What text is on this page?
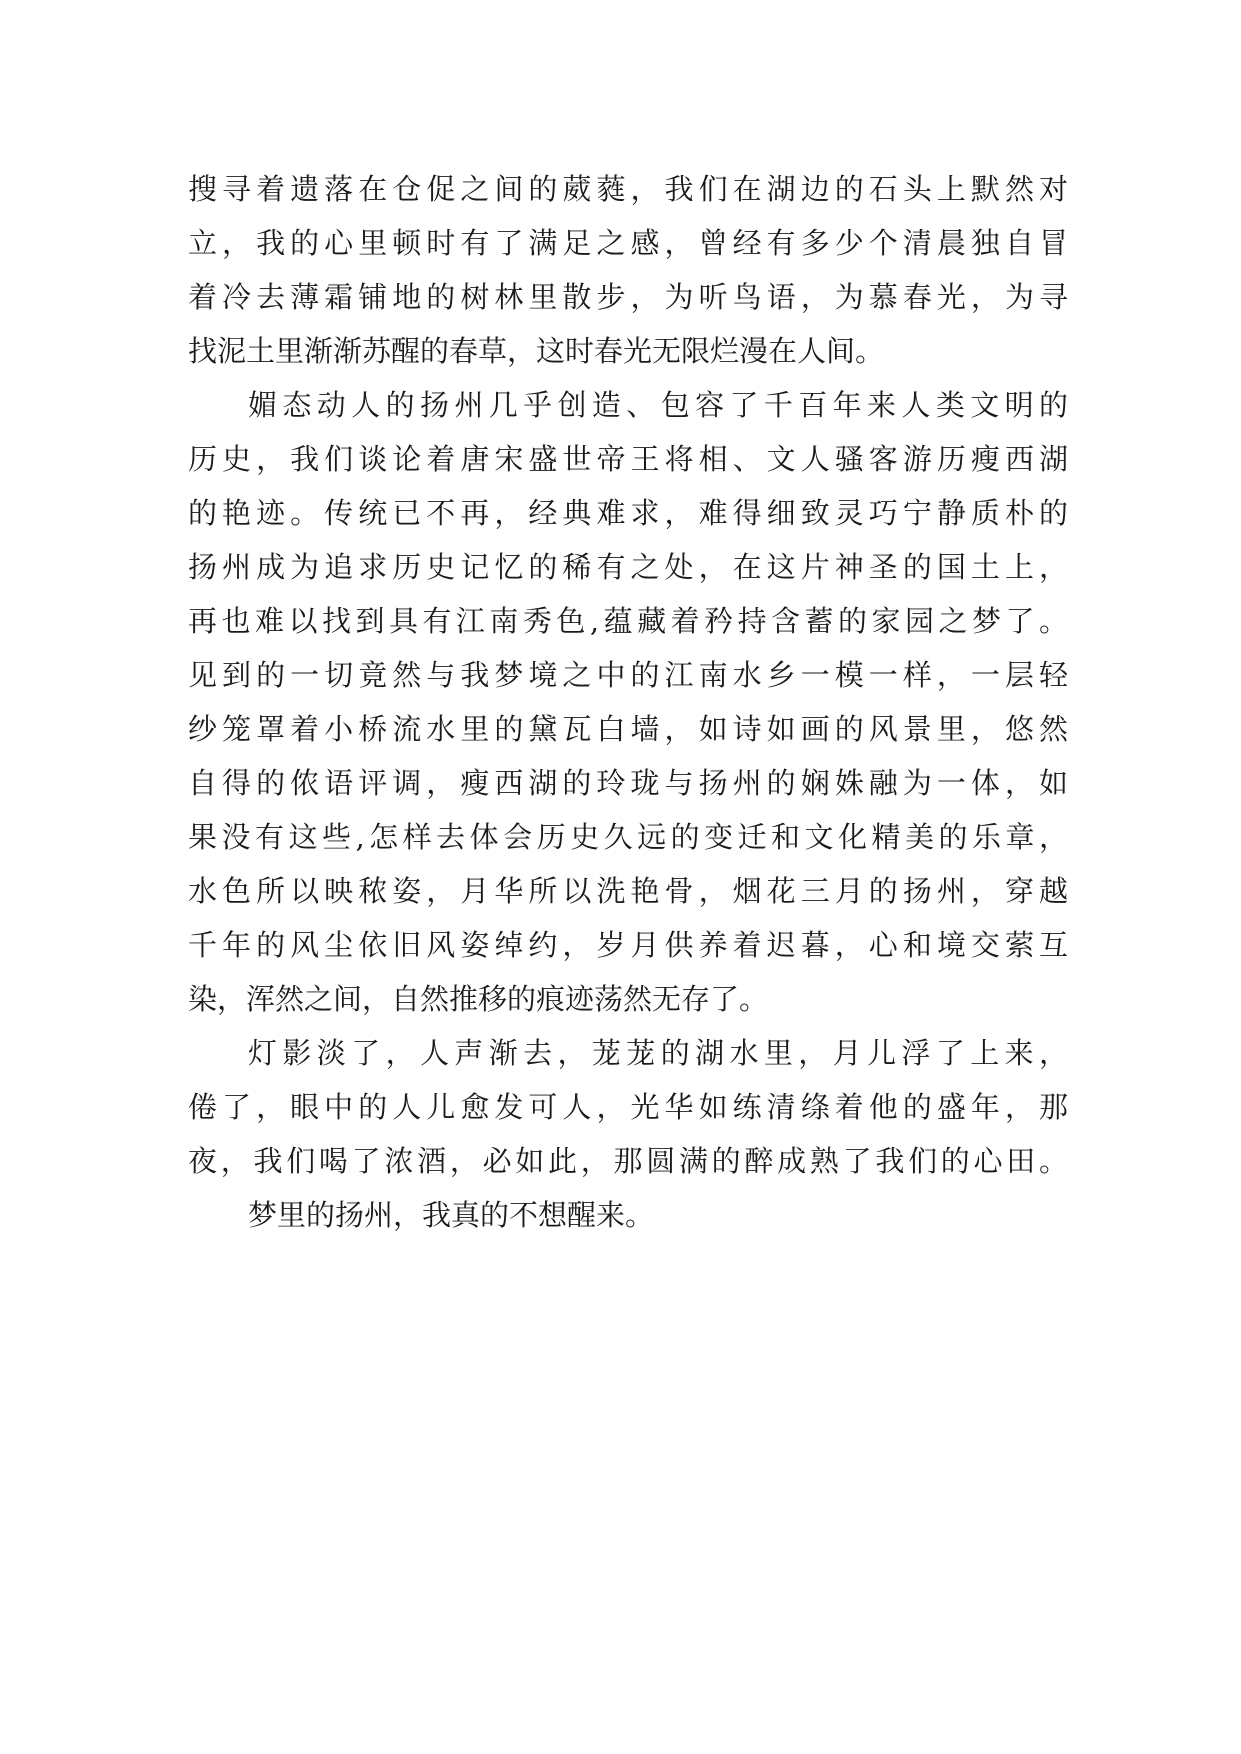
搜寻着遗落在仓促之间的葳蕤，我们在湖边的石头上默然对
立，我的心里顿时有了满足之感，曾经有多少个清晨独自冒
着冷去薄霜铺地的树林里散步，为听鸟语，为慕春光，为寻
找泥土里渐渐苏醒的春草，这时春光无限烂漫在人间。
媚态动人的扬州几乎创造、包容了千百年来人类文明的
历史，我们谈论着唐宋盛世帝王将相、文人骚客游历瘦西湖
的艳迹。传统已不再，经典难求，难得细致灵巧宁静质朴的
扬州成为追求历史记忆的稀有之处，在这片神圣的国土上，
再也难以找到具有江南秀色,蕴藏着矜持含蓄的家园之梦了。
见到的一切竟然与我梦境之中的江南水乡一模一样，一层轻
纱笼罩着小桥流水里的黛瓦白墙，如诗如画的风景里，悠然
自得的侬语评调，瘦西湖的玲珑与扬州的娴姝融为一体，如
果没有这些,怎样去体会历史久远的变迁和文化精美的乐章，
水色所以映秾姿，月华所以洗艳骨，烟花三月的扬州，穿越
千年的风尘依旧风姿绰约，岁月供养着迟暮，心和境交萦互
染，浑然之间，自然推移的痕迹荡然无存了。
灯影淡了，人声渐去，茏茏的湖水里，月儿浮了上来，
倦了，眼中的人儿愈发可人，光华如练清绦着他的盛年，那
夜，我们喝了浓酒，必如此，那圆满的醉成熟了我们的心田。
梦里的扬州，我真的不想醒来。
